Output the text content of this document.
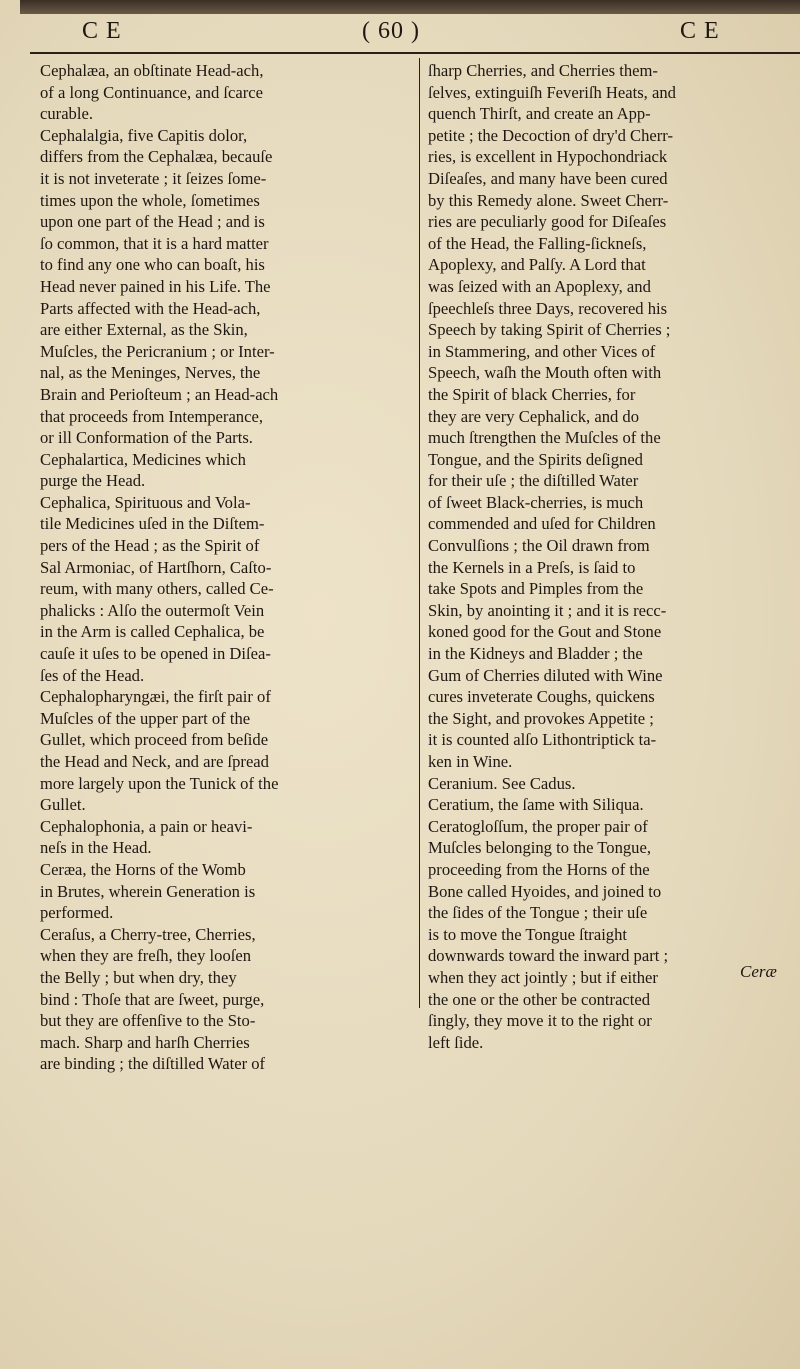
C E	( 60 )	C E

Cephalæa, an obſtinate Head-ach,

of a long Continuance, and ſcarce

curable.

Cephalalgia, five Capitis dolor,

differs from the Cephalæa, becauſe

it is not inveterate ; it ſeizes ſome-

times upon the whole, ſometimes

upon one part of the Head ; and is

ſo common, that it is a hard matter

to find any one who can boaſt, his

Head never pained in his Life. The

Parts affected with the Head-ach,

are either External, as the Skin,

Muſcles, the Pericranium ; or Inter-

nal, as the Meninges, Nerves, the

Brain and Perioſteum ; an Head-ach

that proceeds from Intemperance,

or ill Conformation of the Parts.

Cephalartica, Medicines which

purge the Head.

Cephalica, Spirituous and Vola-

tile Medicines uſed in the Diſtem-

pers of the Head ; as the Spirit of

Sal Armoniac, of Hartſhorn, Caſto-

reum, with many others, called Ce-

phalicks : Alſo the outermoſt Vein

in the Arm is called Cephalica, be

cauſe it uſes to be opened in Diſea-

ſes of the Head.

Cephalopharyngæi, the firſt pair of

Muſcles of the upper part of the

Gullet, which proceed from beſide

the Head and Neck, and are ſpread

more largely upon the Tunick of the

Gullet.

Cephalophonia, a pain or heavi-

neſs in the Head.

Ceræa, the Horns of the Womb

in Brutes, wherein Generation is

performed.

Ceraſus, a Cherry-tree, Cherries,

when they are freſh, they looſen

the Belly ; but when dry, they

bind : Thoſe that are ſweet, purge,

but they are offenſive to the Sto-

mach. Sharp and harſh Cherries

are binding ; the diſtilled Water of

ſharp Cherries, and Cherries them-

ſelves, extinguiſh Feveriſh Heats, and

quench Thirſt, and create an App-

petite ; the Decoction of dry'd Cherr-

ries, is excellent in Hypochondriack

Diſeaſes, and many have been cured

by this Remedy alone. Sweet Cherr-

ries are peculiarly good for Diſeaſes

of the Head, the Falling-ſickneſs,

Apoplexy, and Palſy. A Lord that

was ſeized with an Apoplexy, and

ſpeechleſs three Days, recovered his

Speech by taking Spirit of Cherries ;

in Stammering, and other Vices of

Speech, waſh the Mouth often with

the Spirit of black Cherries, for

they are very Cephalick, and do

much ſtrengthen the Muſcles of the

Tongue, and the Spirits deſigned

for their uſe ; the diſtilled Water

of ſweet Black-cherries, is much

commended and uſed for Children

Convulſions ; the Oil drawn from

the Kernels in a Preſs, is ſaid to

take Spots and Pimples from the

Skin, by anointing it ; and it is recc-

koned good for the Gout and Stone

in the Kidneys and Bladder ; the

Gum of Cherries diluted with Wine

cures inveterate Coughs, quickens

the Sight, and provokes Appetite ;

it is counted alſo Lithontriptick ta-

ken in Wine.

Ceranium. See Cadus.

Ceratium, the ſame with Siliqua.

Ceratogloſſum, the proper pair of

Muſcles belonging to the Tongue,

proceeding from the Horns of the

Bone called Hyoides, and joined to

the ſides of the Tongue ; their uſe

is to move the Tongue ſtraight

downwards toward the inward part ;

when they act jointly ; but if either

the one or the other be contracted

ſingly, they move it to the right or

left ſide.

Ceræ
